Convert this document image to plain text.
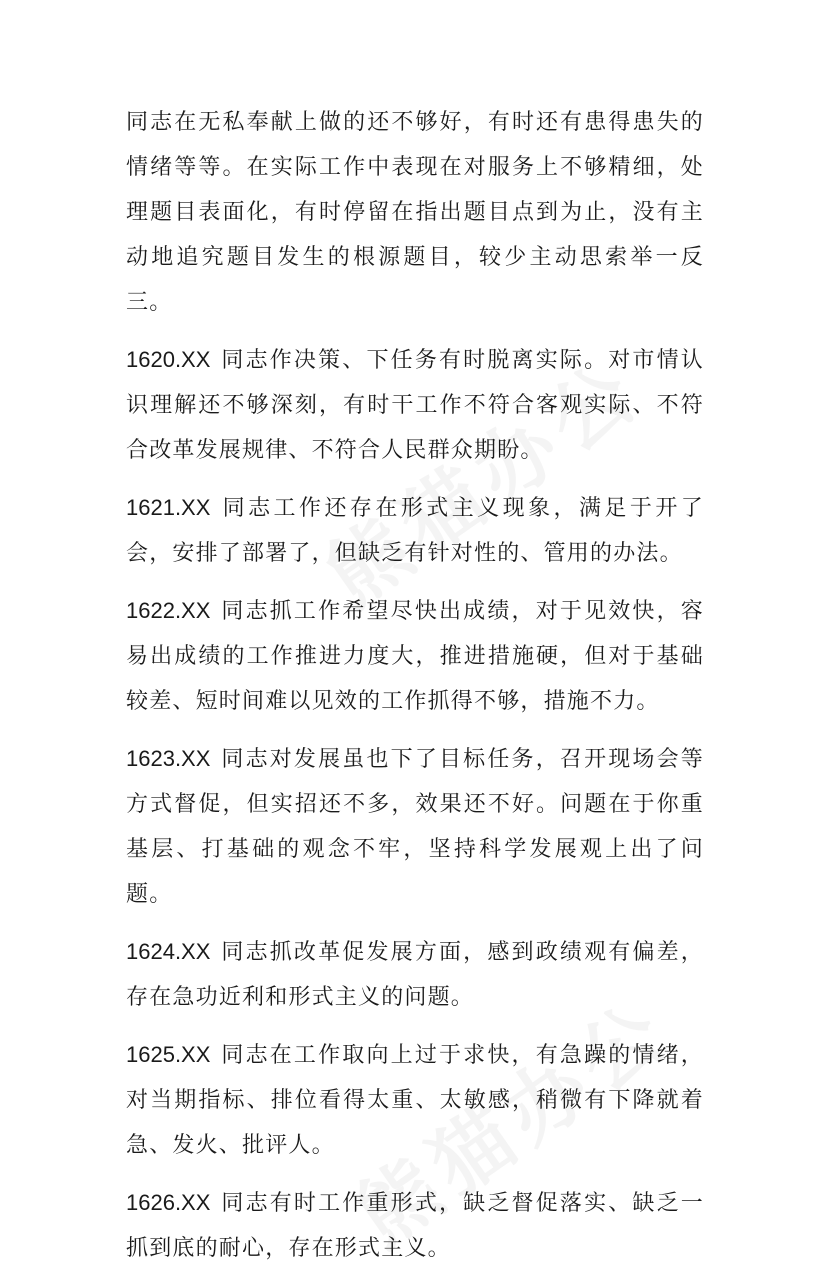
同志在无私奉献上做的还不够好，有时还有患得患失的情绪等等。在实际工作中表现在对服务上不够精细，处理题目表面化，有时停留在指出题目点到为止，没有主动地追究题目发生的根源题目，较少主动思索举一反三。

1620.XX 同志作决策、下任务有时脱离实际。对市情认识理解还不够深刻，有时干工作不符合客观实际、不符合改革发展规律、不符合人民群众期盼。

1621.XX 同志工作还存在形式主义现象，满足于开了会，安排了部署了，但缺乏有针对性的、管用的办法。

1622.XX 同志抓工作希望尽快出成绩，对于见效快，容易出成绩的工作推进力度大，推进措施硬，但对于基础较差、短时间难以见效的工作抓得不够，措施不力。

1623.XX 同志对发展虽也下了目标任务，召开现场会等方式督促，但实招还不多，效果还不好。问题在于你重基层、打基础的观念不牢，坚持科学发展观上出了问题。

1624.XX 同志抓改革促发展方面，感到政绩观有偏差，存在急功近利和形式主义的问题。

1625.XX 同志在工作取向上过于求快，有急躁的情绪，对当期指标、排位看得太重、太敏感，稍微有下降就着急、发火、批评人。

1626.XX 同志有时工作重形式，缺乏督促落实、缺乏一抓到底的耐心，存在形式主义。
